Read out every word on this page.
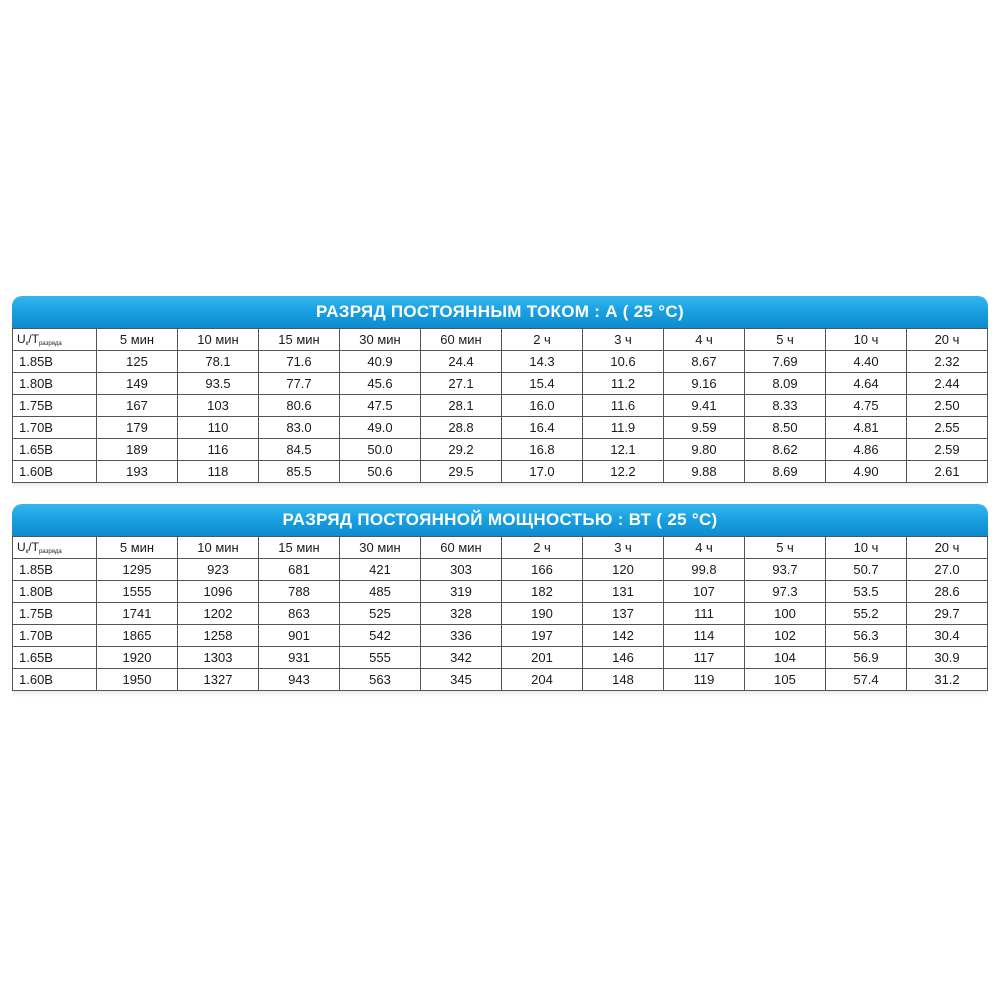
РАЗРЯД ПОСТОЯННЫМ ТОКОМ : А ( 25 °С)
$U_к/T_{разряда}$	5 мин	10 мин	15 мин	30 мин	60 мин	2 ч	3 ч	4 ч	5 ч	10 ч	20 ч
1.85В	125	78.1	71.6	40.9	24.4	14.3	10.6	8.67	7.69	4.40	2.32
1.80В	149	93.5	77.7	45.6	27.1	15.4	11.2	9.16	8.09	4.64	2.44
1.75В	167	103	80.6	47.5	28.1	16.0	11.6	9.41	8.33	4.75	2.50
1.70В	179	110	83.0	49.0	28.8	16.4	11.9	9.59	8.50	4.81	2.55
1.65В	189	116	84.5	50.0	29.2	16.8	12.1	9.80	8.62	4.86	2.59
1.60В	193	118	85.5	50.6	29.5	17.0	12.2	9.88	8.69	4.90	2.61
РАЗРЯД ПОСТОЯННОЙ МОЩНОСТЬЮ : ВТ ( 25 °С)
$U_к/T_{разряда}$	5 мин	10 мин	15 мин	30 мин	60 мин	2 ч	3 ч	4 ч	5 ч	10 ч	20 ч
1.85В	1295	923	681	421	303	166	120	99.8	93.7	50.7	27.0
1.80В	1555	1096	788	485	319	182	131	107	97.3	53.5	28.6
1.75В	1741	1202	863	525	328	190	137	111	100	55.2	29.7
1.70В	1865	1258	901	542	336	197	142	114	102	56.3	30.4
1.65В	1920	1303	931	555	342	201	146	117	104	56.9	30.9
1.60В	1950	1327	943	563	345	204	148	119	105	57.4	31.2
